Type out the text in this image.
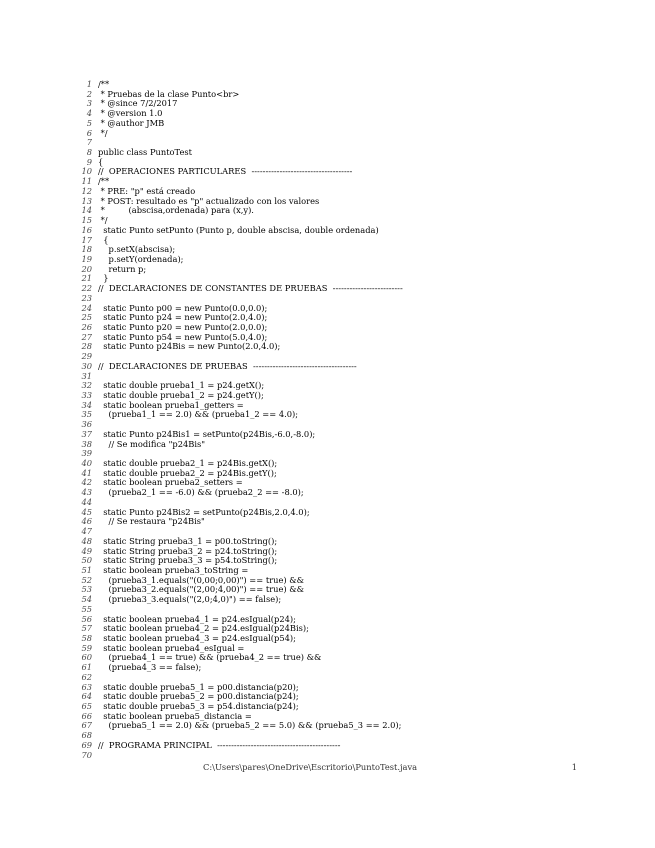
1 /**
2 * Pruebas de la clase Punto<br>
3 * @since 7/2/2017
4 * @version 1.0
5 * @author JMB
6 */
7
8 public class PuntoTest
9 {
10 //  OPERACIONES PARTICULARES  ------------------------------------
11 /**
12 * PRE: "p" está creado
13 * POST: resultado es "p" actualizado con los valores
14 *         (abscisa,ordenada) para (x,y).
15 */
16 static Punto setPunto (Punto p, double abscisa, double ordenada)
17 {
18 p.setX(abscisa);
19 p.setY(ordenada);
20 return p;
21 }
22 //  DECLARACIONES DE CONSTANTES DE PRUEBAS  -------------------------
23
24 static Punto p00 = new Punto(0.0,0.0);
25 static Punto p24 = new Punto(2.0,4.0);
26 static Punto p20 = new Punto(2.0,0.0);
27 static Punto p54 = new Punto(5.0,4.0);
28 static Punto p24Bis = new Punto(2.0,4.0);
29
30 //  DECLARACIONES DE PRUEBAS  -------------------------------------
31
32 static double prueba1_1 = p24.getX();
33 static double prueba1_2 = p24.getY();
34 static boolean prueba1_getters =
35 (prueba1_1 == 2.0) && (prueba1_2 == 4.0);
36
37 static Punto p24Bis1 = setPunto(p24Bis,-6.0,-8.0);
38 // Se modifica "p24Bis"
39
40 static double prueba2_1 = p24Bis.getX();
41 static double prueba2_2 = p24Bis.getY();
42 static boolean prueba2_setters =
43 (prueba2_1 == -6.0) && (prueba2_2 == -8.0);
44
45 static Punto p24Bis2 = setPunto(p24Bis,2.0,4.0);
46 // Se restaura "p24Bis"
47
48 static String prueba3_1 = p00.toString();
49 static String prueba3_2 = p24.toString();
50 static String prueba3_3 = p54.toString();
51 static boolean prueba3_toString =
52 (prueba3_1.equals("(0,00;0,00)") == true) &&
53 (prueba3_2.equals("(2,00;4,00)") == true) &&
54 (prueba3_3.equals("(2,0;4,0)") == false);
55
56 static boolean prueba4_1 = p24.esIgual(p24);
57 static boolean prueba4_2 = p24.esIgual(p24Bis);
58 static boolean prueba4_3 = p24.esIgual(p54);
59 static boolean prueba4_esIgual =
60 (prueba4_1 == true) && (prueba4_2 == true) &&
61 (prueba4_3 == false);
62
63 static double prueba5_1 = p00.distancia(p20);
64 static double prueba5_2 = p00.distancia(p24);
65 static double prueba5_3 = p54.distancia(p24);
66 static boolean prueba5_distancia =
67 (prueba5_1 == 2.0) && (prueba5_2 == 5.0) && (prueba5_3 == 2.0);
68
69 //  PROGRAMA PRINCIPAL  --------------------------------------------
70
C:\Users\pares\OneDrive\Escritorio\PuntoTest.java	1
